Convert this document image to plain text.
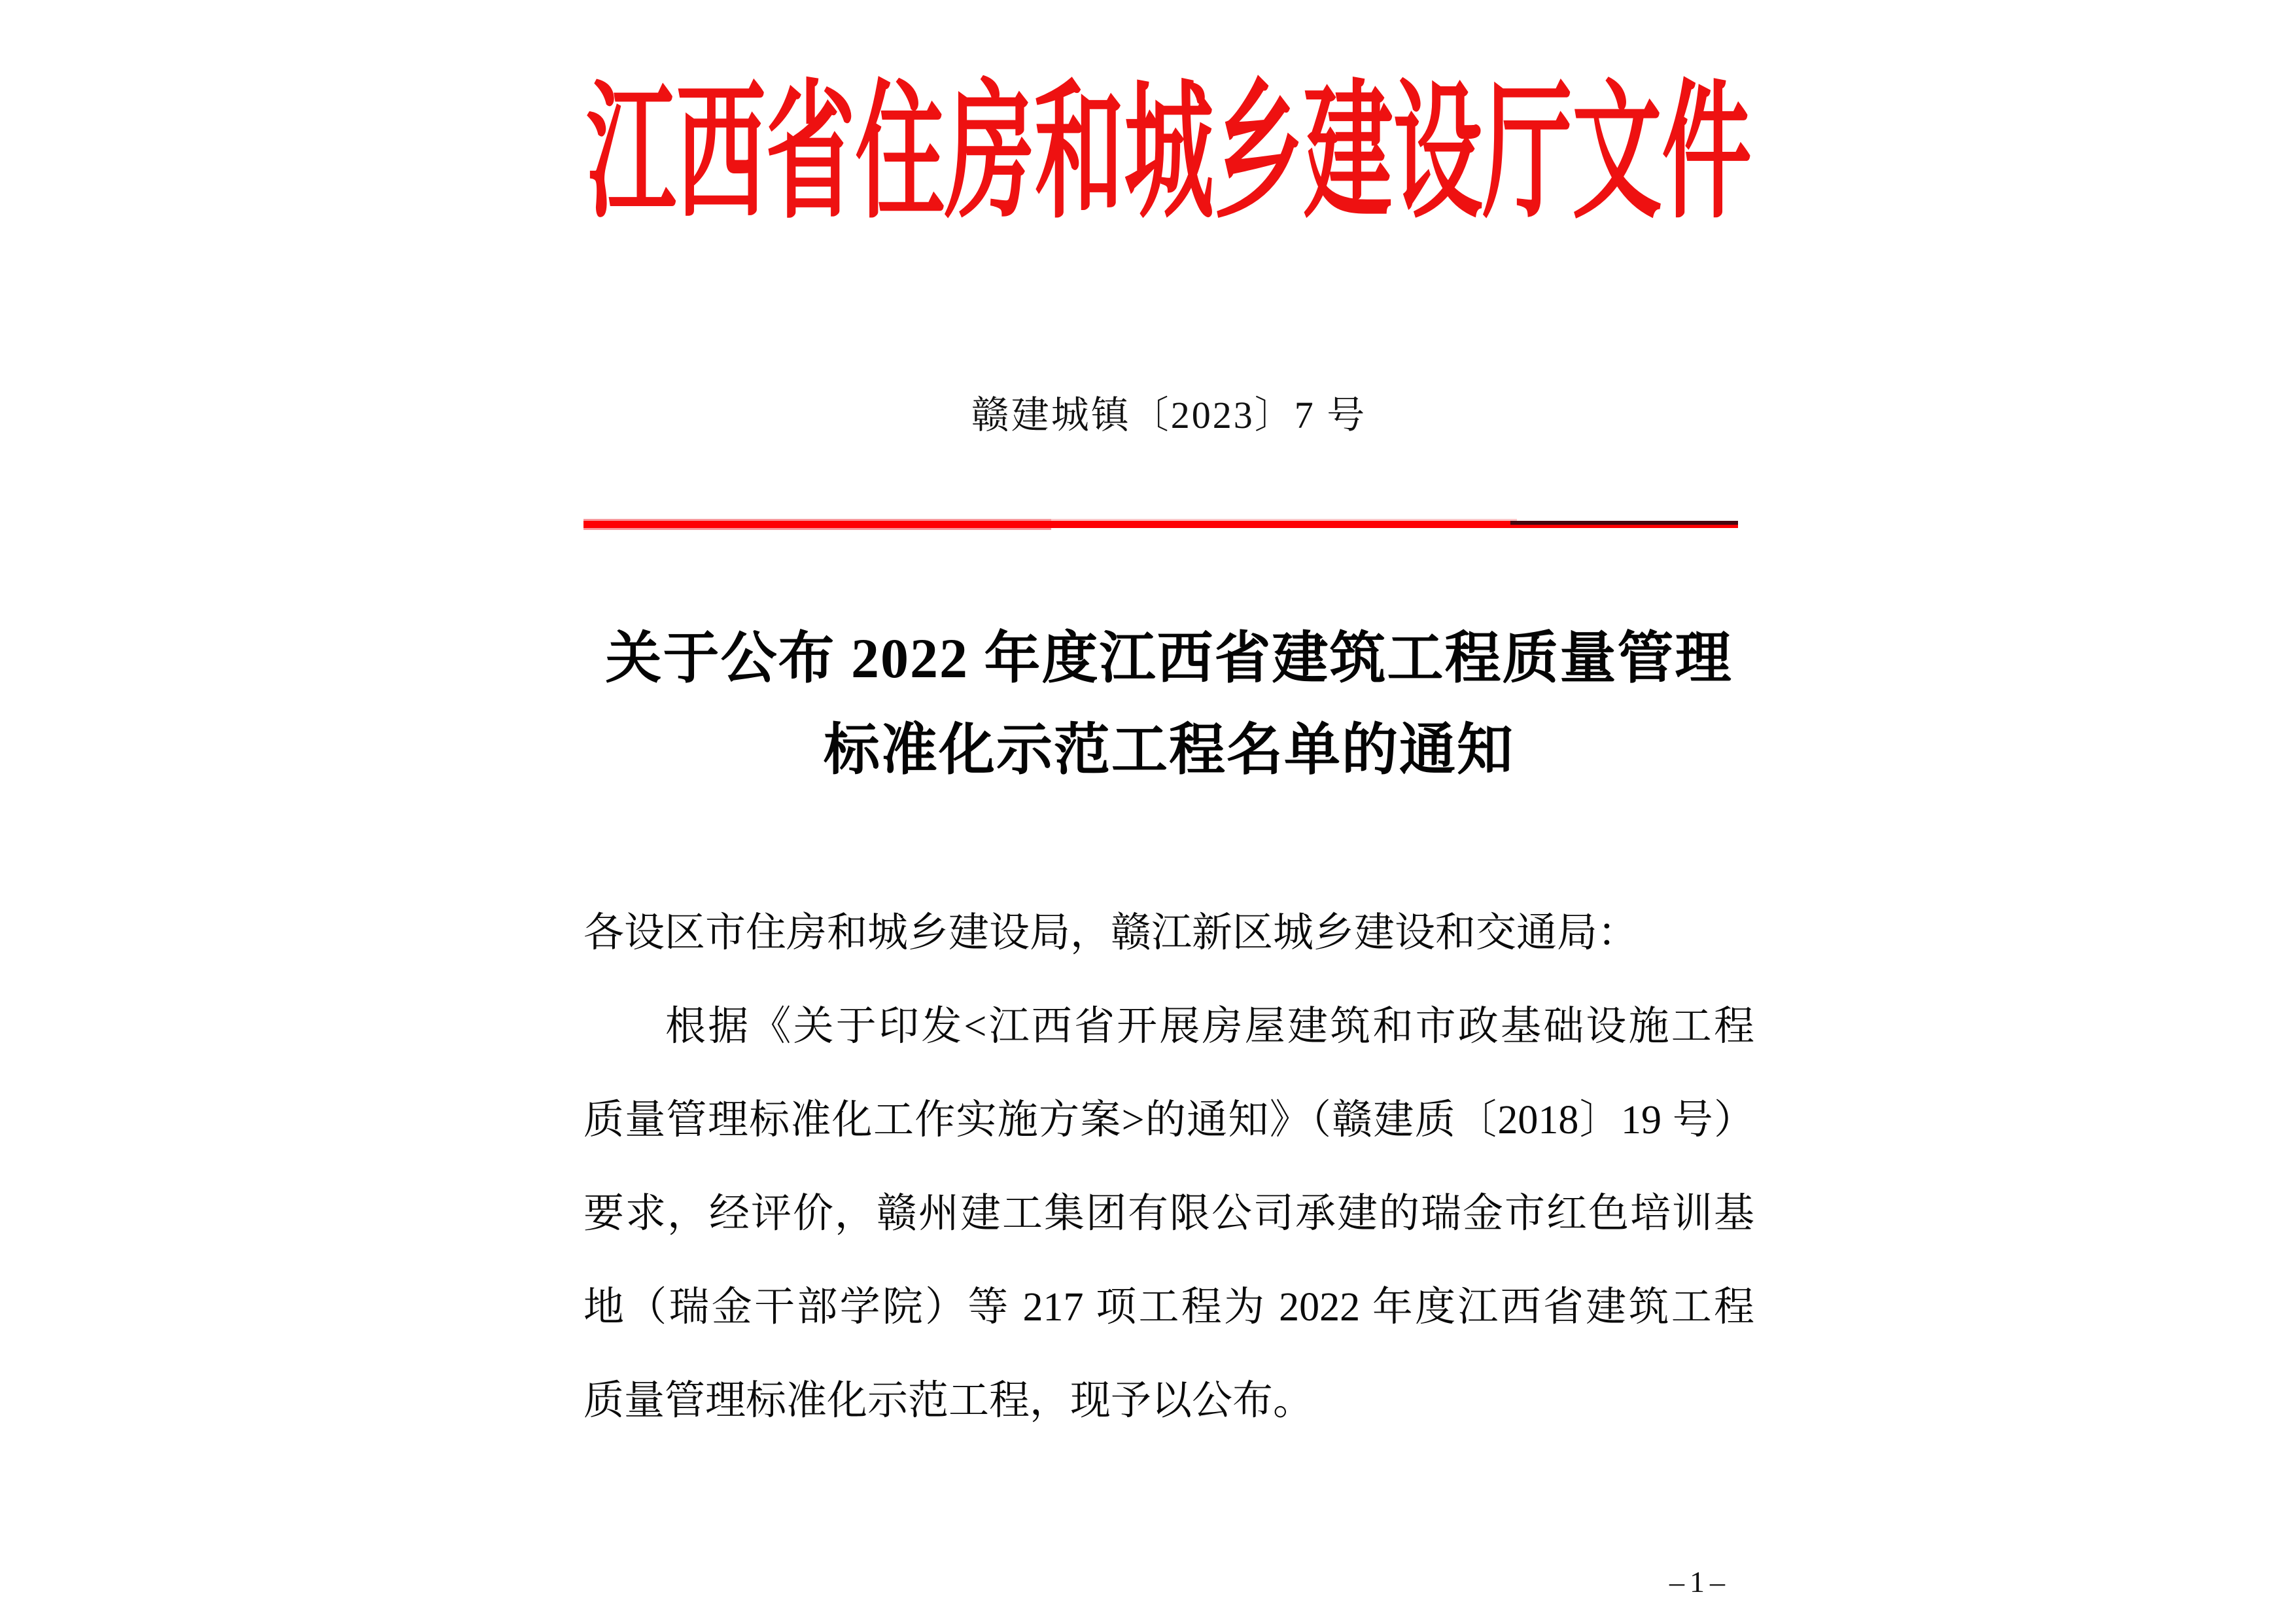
江西省住房和城乡建设厅文件
赣建城镇〔2023〕7 号
关于公布 2022 年度江西省建筑工程质量管理
标准化示范工程名单的通知
各设区市住房和城乡建设局，赣江新区城乡建设和交通局：
根据《关于印发<江西省开展房屋建筑和市政基础设施工程
质量管理标准化工作实施方案>的通知》（赣建质〔2018〕19 号）
要求，经评价，赣州建工集团有限公司承建的瑞金市红色培训基
地（瑞金干部学院）等 217 项工程为 2022 年度江西省建筑工程
质量管理标准化示范工程，现予以公布。
–1–
